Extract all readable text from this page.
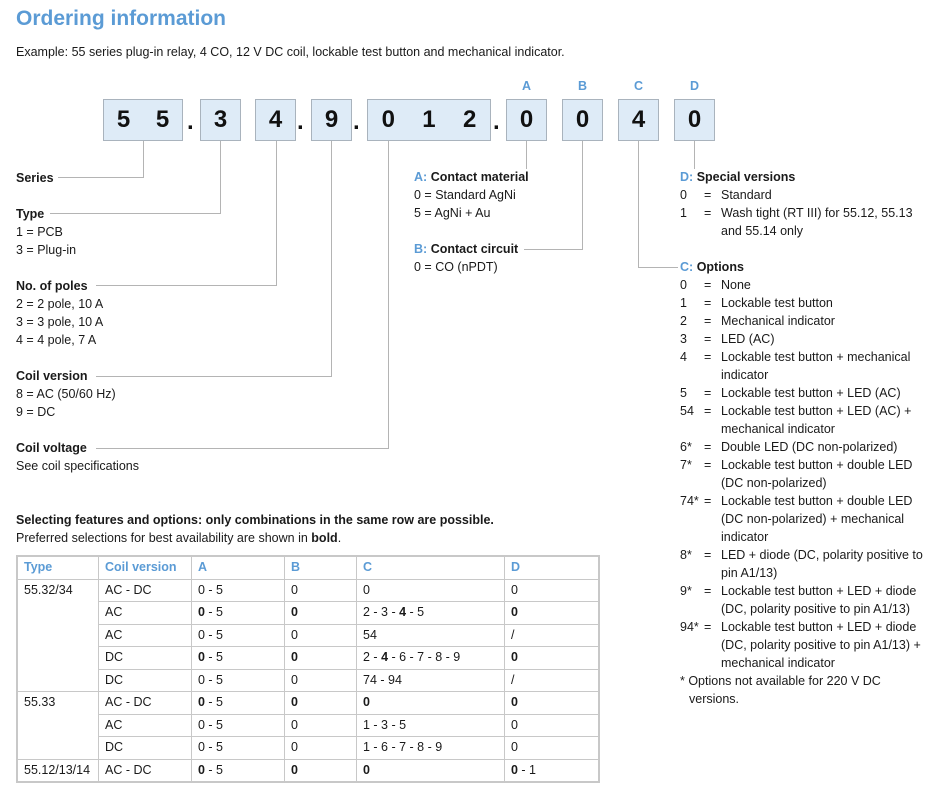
Ordering information
Example: 55 series plug-in relay, 4 CO, 12 V DC coil, lockable test button and mechanical indicator.
5 5 3 4 9 0 1 2 0
A
0
B
4
C
0
D
.	. .	.
Series
Type
1 = PCB
3 = Plug-in
No. of poles
2 = 2 pole, 10 A
3 = 3 pole, 10 A
4 = 4 pole, 7 A
Coil version
8 = AC (50/60 Hz)
9 = DC
Coil voltage
See coil specifications
A: Contact material
0 = Standard AgNi
5 = AgNi + Au
B: Contact circuit
0 = CO (nPDT)
D: Special versions
0	= Standard
1	= Wash tight (RT III) for 55.12, 55.13 and 55.14 only
C: Options
0	= None
1	= Lockable test button
2	= Mechanical indicator
3	= LED (AC)
4	= Lockable test button + mechanical indicator
5	= Lockable test button + LED (AC)
54 = Lockable test button + LED (AC) + mechanical indicator
6* = Double LED (DC non-polarized)
7* = Lockable test button + double LED (DC non-polarized)
74* = Lockable test button + double LED (DC non-polarized) + mechanical indicator
8* = LED + diode (DC, polarity positive to pin A1/13)
9* = Lockable test button + LED + diode (DC, polarity positive to pin A1/13)
94* = Lockable test button + LED + diode (DC, polarity positive to pin A1/13) + mechanical indicator
* Options not available for 220 V DC versions.
Selecting features and options: only combinations in the same row are possible.
Preferred selections for best availability are shown in bold.
Type	Coil version	A	B	C	D
55.32/34	AC - DC	0 - 5	0	0	0
	AC	0 - 5	0	2 - 3 - 4 - 5	0
	AC	0 - 5	0	54	/
	DC	0 - 5	0	2 - 4 - 6 - 7 - 8 - 9	0
	DC	0 - 5	0	74 - 94	/
55.33	AC - DC	0 - 5	0	0	0
	AC	0 - 5	0	1 - 3 - 5	0
	DC	0 - 5	0	1 - 6 - 7 - 8 - 9	0
55.12/13/14	AC - DC	0 - 5	0	0	0 - 1
